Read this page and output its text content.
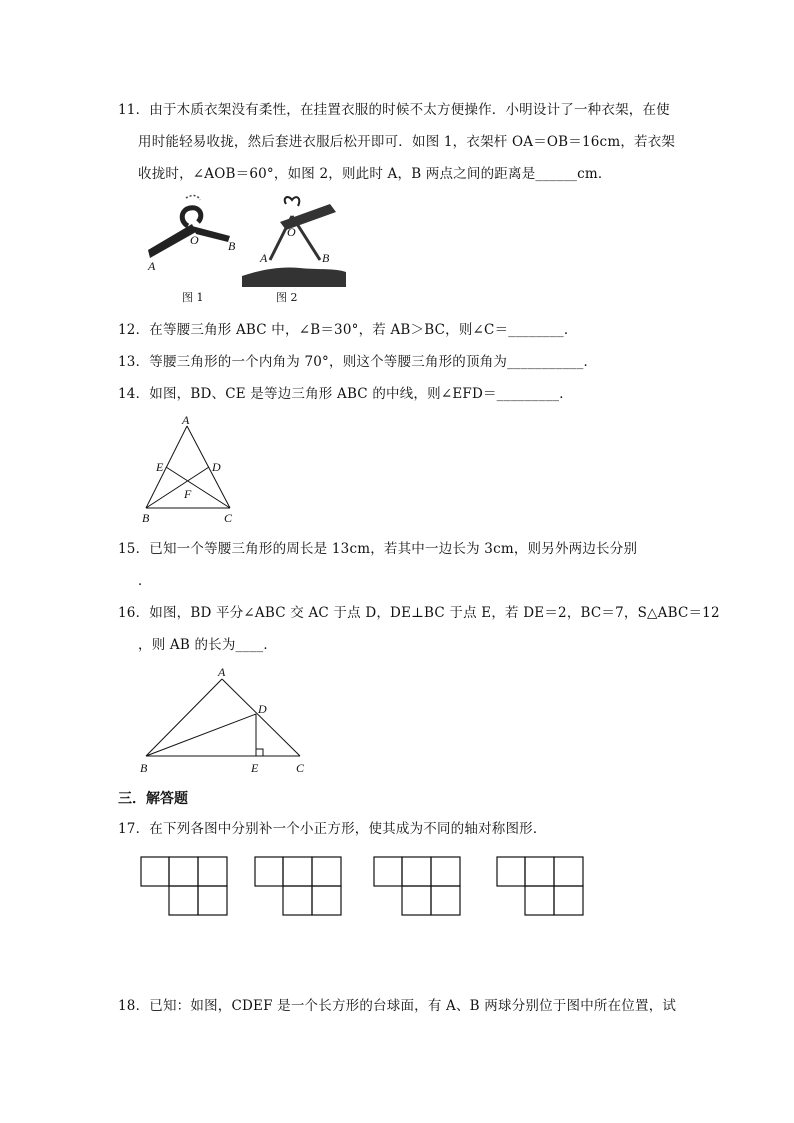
11．由于木质衣架没有柔性，在挂置衣服的时候不太方便操作．小明设计了一种衣架，在使
用时能轻易收拢，然后套进衣服后松开即可．如图 1，衣架杆 OA＝OB＝16cm，若衣架
收拢时，∠AOB＝60°，如图 2，则此时 A，B 两点之间的距离是______cm．
O B
A
图 1
O
A	B
图 2
12．在等腰三角形 ABC 中，∠B＝30°，若 AB＞BC，则∠C＝________．
13．等腰三角形的一个内角为 70°，则这个等腰三角形的顶角为___________．
14．如图，BD、CE 是等边三角形 ABC 的中线，则∠EFD＝_________．
A
E	D
F
B	C
15．已知一个等腰三角形的周长是 13cm，若其中一边长为 3cm，则另外两边长分别
．
16．如图，BD 平分∠ABC 交 AC 于点 D，DE⊥BC 于点 E，若 DE＝2，BC＝7，S△ABC＝12
，则 AB 的长为____．
A
D
B	E	C
三．解答题
17．在下列各图中分别补一个小正方形，使其成为不同的轴对称图形．
18．已知：如图，CDEF 是一个长方形的台球面，有 A、B 两球分别位于图中所在位置，试
